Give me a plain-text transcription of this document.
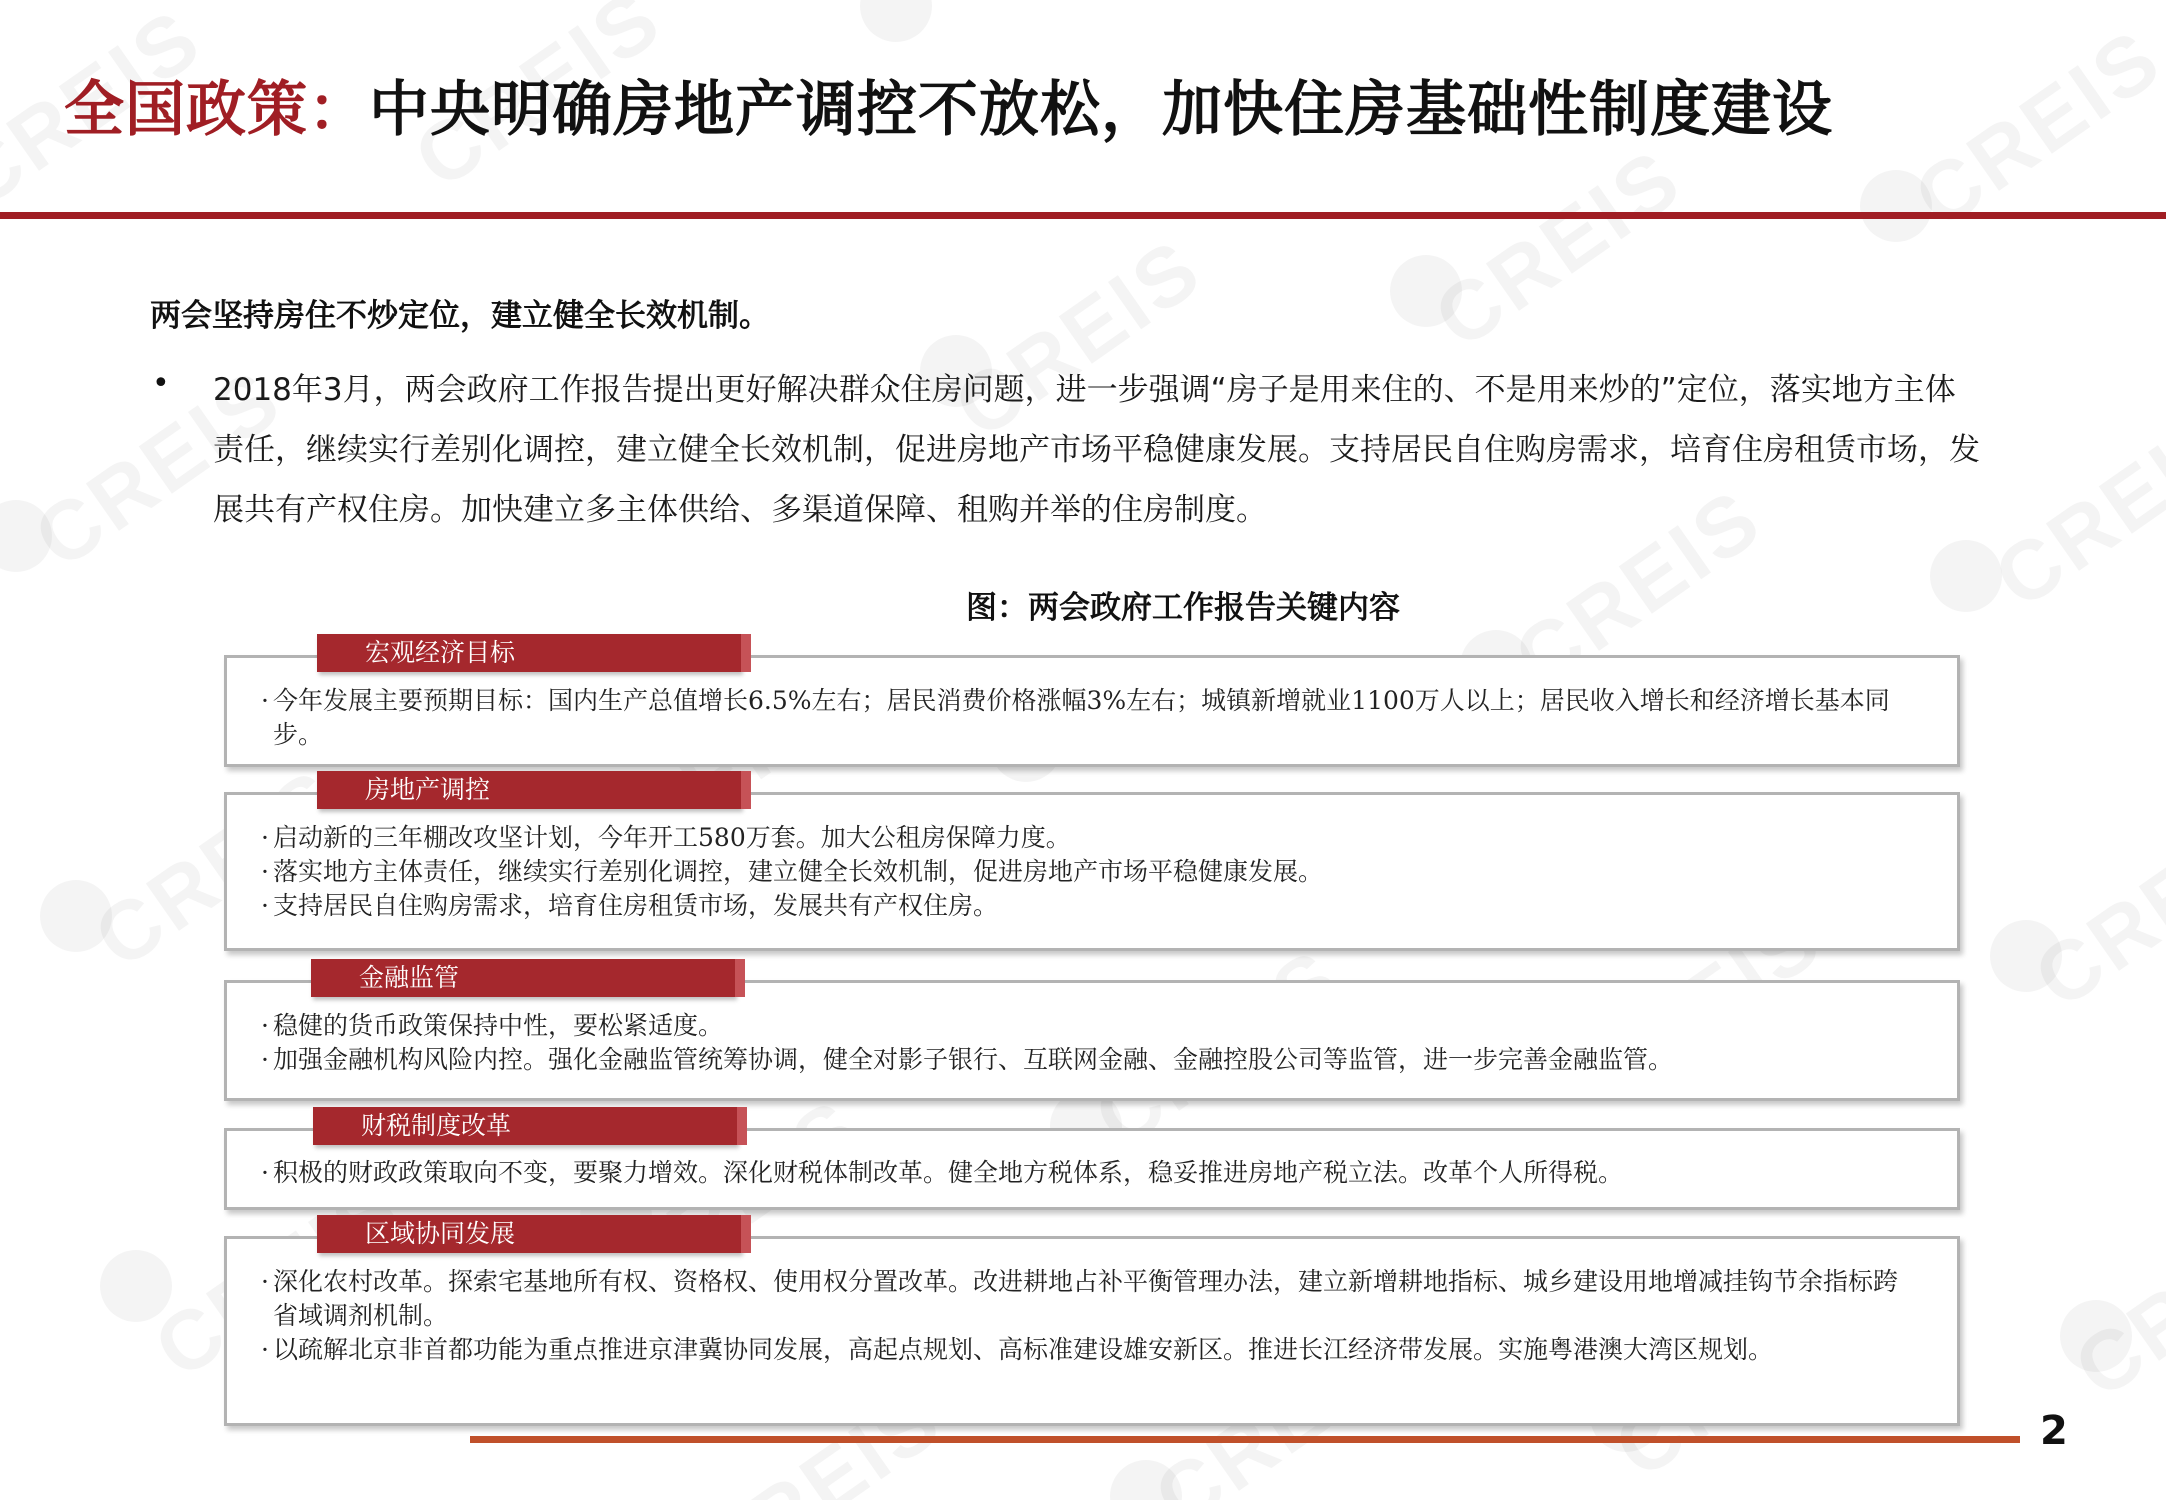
全国政策：中央明确房地产调控不放松，加快住房基础性制度建设
两会坚持房住不炒定位，建立健全长效机制。
• 2018年3月，两会政府工作报告提出更好解决群众住房问题，进一步强调“房子是用来住的、不是用来炒的”定位，落实地方主体责任，继续实行差别化调控，建立健全长效机制，促进房地产市场平稳健康发展。支持居民自住购房需求，培育住房租赁市场，发展共有产权住房。加快建立多主体供给、多渠道保障、租购并举的住房制度。
图：两会政府工作报告关键内容
宏观经济目标
· 今年发展主要预期目标：国内生产总值增长6.5%左右；居民消费价格涨幅3%左右；城镇新增就业1100万人以上；居民收入增长和经济增长基本同步。
房地产调控
· 启动新的三年棚改攻坚计划，今年开工580万套。加大公租房保障力度。
· 落实地方主体责任，继续实行差别化调控，建立健全长效机制，促进房地产市场平稳健康发展。
· 支持居民自住购房需求，培育住房租赁市场，发展共有产权住房。
金融监管
· 稳健的货币政策保持中性，要松紧适度。
· 加强金融机构风险内控。强化金融监管统筹协调，健全对影子银行、互联网金融、金融控股公司等监管，进一步完善金融监管。
财税制度改革
· 积极的财政政策取向不变，要聚力增效。深化财税体制改革。健全地方税体系，稳妥推进房地产税立法。改革个人所得税。
区域协同发展
· 深化农村改革。探索宅基地所有权、资格权、使用权分置改革。改进耕地占补平衡管理办法，建立新增耕地指标、城乡建设用地增减挂钩节余指标跨省域调剂机制。
· 以疏解北京非首都功能为重点推进京津冀协同发展，高起点规划、高标准建设雄安新区。推进长江经济带发展。实施粤港澳大湾区规划。
2
